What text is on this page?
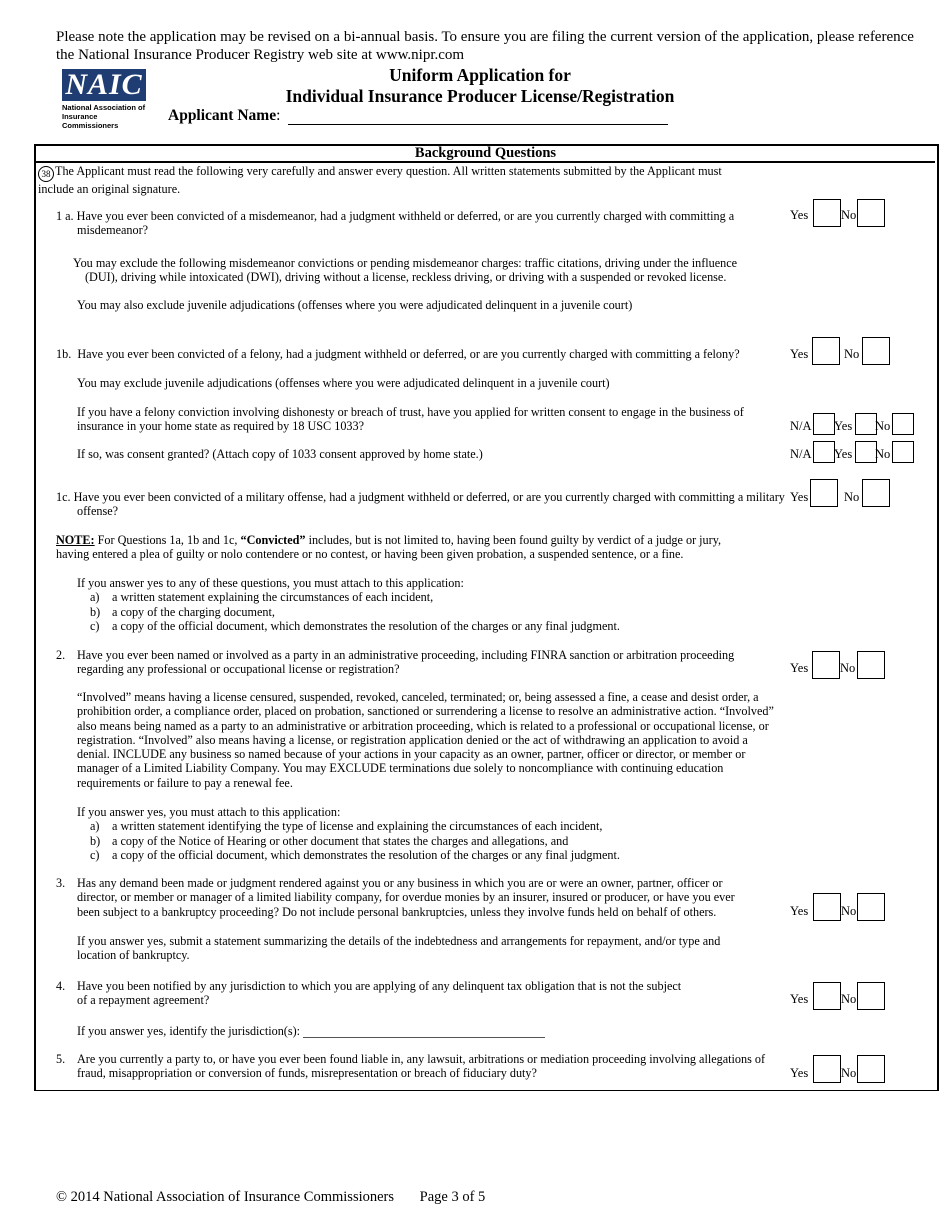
Please note the application may be revised on a bi-annual basis. To ensure you are filing the current version of the application, please reference the National Insurance Producer Registry web site at www.nipr.com
NAIC
National Association of
Insurance Commissioners
Uniform Application for
Individual Insurance Producer License/Registration
Applicant Name:
Background Questions
38 The Applicant must read the following very carefully and answer every question. All written statements submitted by the Applicant must include an original signature.
1 a. Have you ever been convicted of a misdemeanor, had a judgment withheld or deferred, or are you currently charged with committing a misdemeanor?
Yes	No
You may exclude the following misdemeanor convictions or pending misdemeanor charges: traffic citations, driving under the influence (DUI), driving while intoxicated (DWI), driving without a license, reckless driving, or driving with a suspended or revoked license.
You may also exclude juvenile adjudications (offenses where you were adjudicated delinquent in a juvenile court)
1b. Have you ever been convicted of a felony, had a judgment withheld or deferred, or are you currently charged with committing a felony?	Yes	No
You may exclude juvenile adjudications (offenses where you were adjudicated delinquent in a juvenile court)
If you have a felony conviction involving dishonesty or breach of trust, have you applied for written consent to engage in the business of insurance in your home state as required by 18 USC 1033?	N/A Yes No
If so, was consent granted? (Attach copy of 1033 consent approved by home state.)	N/A Yes No
1c. Have you ever been convicted of a military offense, had a judgment withheld or deferred, or are you currently charged with committing a military offense?
Yes	No
NOTE: For Questions 1a, 1b and 1c, “Convicted” includes, but is not limited to, having been found guilty by verdict of a judge or jury, having entered a plea of guilty or nolo contendere or no contest, or having been given probation, a suspended sentence, or a fine.
If you answer yes to any of these questions, you must attach to this application:
a) a written statement explaining the circumstances of each incident,
b) a copy of the charging document,
c) a copy of the official document, which demonstrates the resolution of the charges or any final judgment.
2. Have you ever been named or involved as a party in an administrative proceeding, including FINRA sanction or arbitration proceeding regarding any professional or occupational license or registration?	Yes	No
“Involved” means having a license censured, suspended, revoked, canceled, terminated; or, being assessed a fine, a cease and desist order, a prohibition order, a compliance order, placed on probation, sanctioned or surrendering a license to resolve an administrative action. “Involved” also means being named as a party to an administrative or arbitration proceeding, which is related to a professional or occupational license, or registration. “Involved” also means having a license, or registration application denied or the act of withdrawing an application to avoid a denial. INCLUDE any business so named because of your actions in your capacity as an owner, partner, officer or director, or member or manager of a Limited Liability Company. You may EXCLUDE terminations due solely to noncompliance with continuing education requirements or failure to pay a renewal fee.
If you answer yes, you must attach to this application:
a) a written statement identifying the type of license and explaining the circumstances of each incident,
b) a copy of the Notice of Hearing or other document that states the charges and allegations, and
c) a copy of the official document, which demonstrates the resolution of the charges or any final judgment.
3. Has any demand been made or judgment rendered against you or any business in which you are or were an owner, partner, officer or director, or member or manager of a limited liability company, for overdue monies by an insurer, insured or producer, or have you ever been subject to a bankruptcy proceeding? Do not include personal bankruptcies, unless they involve funds held on behalf of others.	Yes	No
If you answer yes, submit a statement summarizing the details of the indebtedness and arrangements for repayment, and/or type and location of bankruptcy.
4. Have you been notified by any jurisdiction to which you are applying of any delinquent tax obligation that is not the subject
of a repayment agreement?	Yes	No
If you answer yes, identify the jurisdiction(s):
5. Are you currently a party to, or have you ever been found liable in, any lawsuit, arbitrations or mediation proceeding involving allegations of fraud, misappropriation or conversion of funds, misrepresentation or breach of fiduciary duty?	Yes	No
© 2014 National Association of Insurance Commissioners Page 3 of 5
